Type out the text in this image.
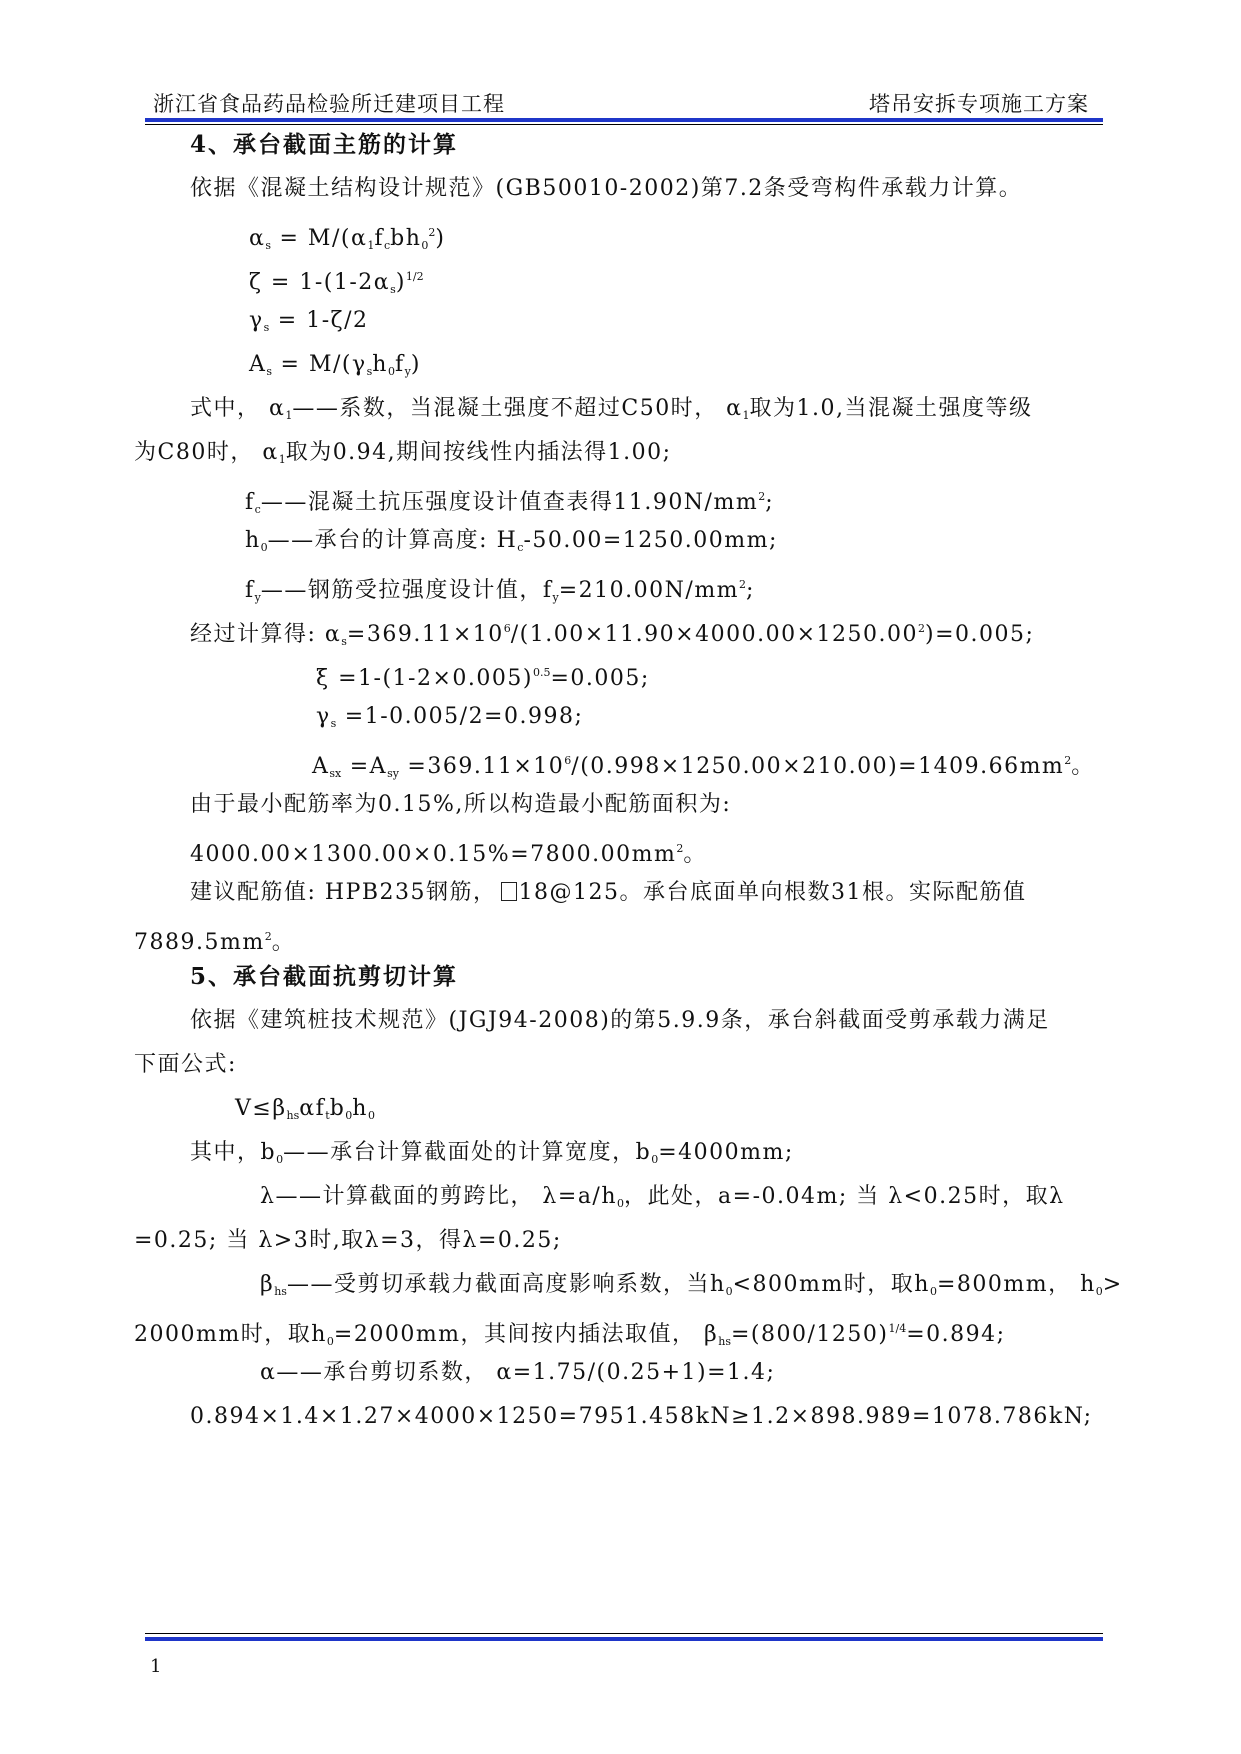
浙江省食品药品检验所迁建项目工程	塔吊安拆专项施工方案
4、承台截面主筋的计算
依据《混凝土结构设计规范》(GB50010-2002)第7.2条受弯构件承载力计算。
$\alpha_s = M/(\alpha_1f_cbh_0^2)$
$\zeta = 1-(1-2\alpha_s)^{1/2}$
$\gamma_s = 1-\zeta/2$
$A_s = M/(\gamma_sh_0f_y)$
式中， $\alpha_1——$系数，当混凝土强度不超过C50时， $\alpha_1$取为1.0,当混凝土强度等级
为C80时， $\alpha_1$取为0.94,期间按线性内插法得1.00;
$f_c——$混凝土抗压强度设计值查表得$11.90N/mm^2$;
$h_0——$承台的计算高度: $H_c-50.00=1250.00mm$;
$f_y——$钢筋受拉强度设计值，$f_y=210.00N/mm^2$;
经过计算得: $\alpha_s=369.11\times 10^6/(1.00\times 11.90\times 4000.00\times 1250.00^2)=0.005$;
$\xi =1-(1-2\times 0.005)^{0.5}=0.005$;
$\gamma_s =1-0.005/2=0.998$;
$A_{sx} =A_{sy} =369.11\times 10^6/(0.998\times 1250.00\times 210.00)=1409.66mm^2$。
由于最小配筋率为0.15%,所以构造最小配筋面积为:
$4000.00\times 1300.00\times 0.15\%=7800.00mm^2$。
建议配筋值: HPB235钢筋， 18@125。承台底面单向根数31根。实际配筋值
$7889.5mm^2$。
5、承台截面抗剪切计算
依据《建筑桩技术规范》(JGJ94-2008)的第5.9.9条，承台斜截面受剪承载力满足
下面公式:
$V\le\beta_{hs}\alpha f_tb_0h_0$
其中，$b_0——$承台计算截面处的计算宽度，$b_0=4000mm$;
λ——计算截面的剪跨比， $\lambda=a/h_0$，此处，a=-0.04m; 当 λ<0.25时，取λ
=0.25; 当 λ>3时,取λ=3，得λ=0.25;
$\beta_{hs}——$受剪切承载力截面高度影响系数，当$h_0<800mm$时，取$h_0=800mm$， $h_0>$
2000mm时，取$h_0=2000mm$，其间按内插法取值， $\beta_{hs}=(800/1250)^{1/4}=0.894$;
α——承台剪切系数， α=1.75/(0.25+1)=1.4;
0.894×1.4×1.27×4000×1250=7951.458kN≥1.2×898.989=1078.786kN;
1
